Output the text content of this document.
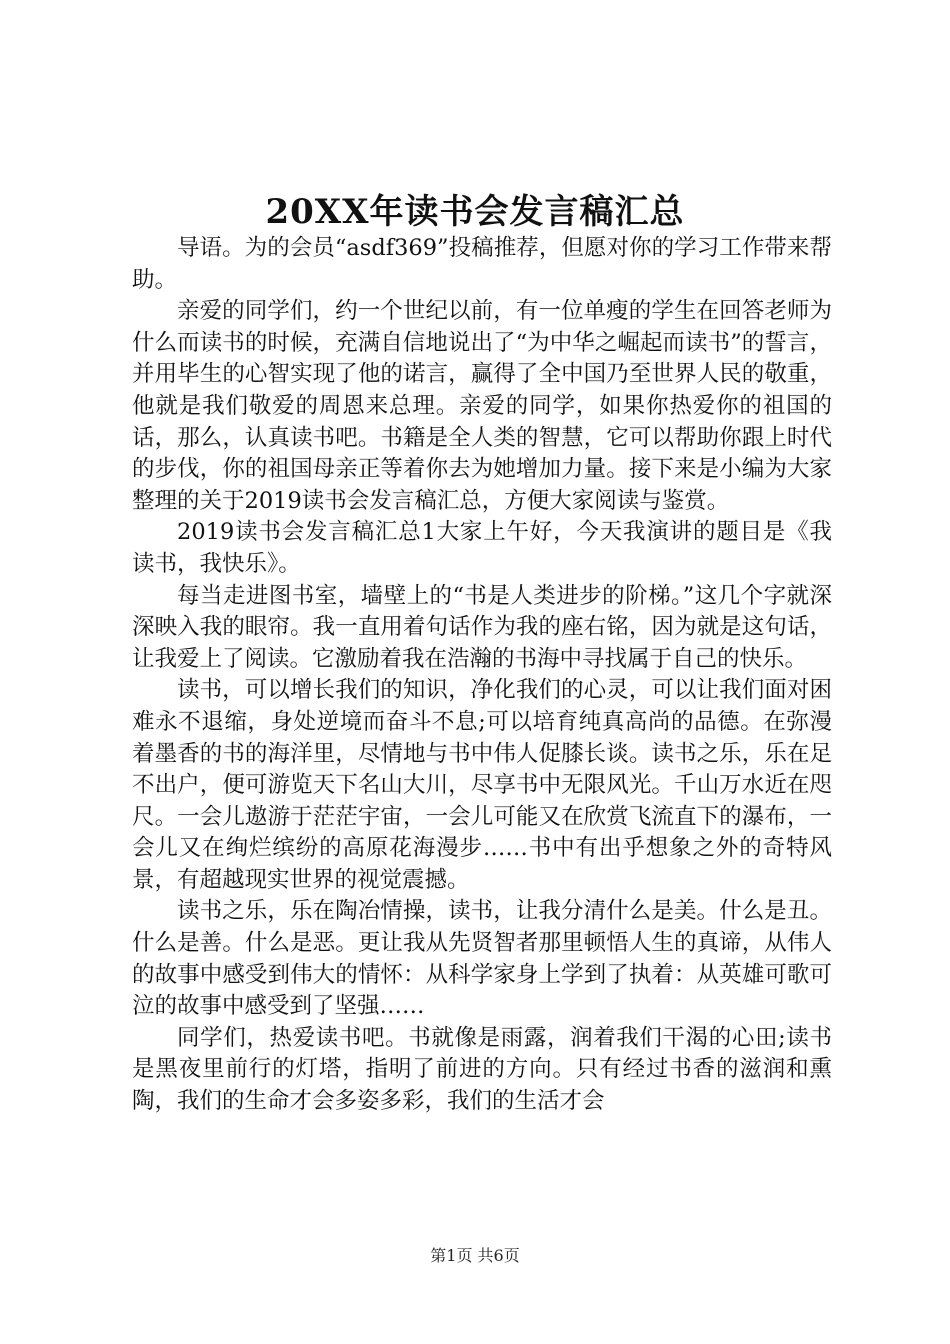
20XX年读书会发言稿汇总

导语。为的会员“asdf369”投稿推荐，但愿对你的学习工作带来帮助。

亲爱的同学们，约一个世纪以前，有一位单瘦的学生在回答老师为什么而读书的时候，充满自信地说出了“为中华之崛起而读书”的誓言，并用毕生的心智实现了他的诺言，赢得了全中国乃至世界人民的敬重，他就是我们敬爱的周恩来总理。亲爱的同学，如果你热爱你的祖国的话，那么，认真读书吧。书籍是全人类的智慧，它可以帮助你跟上时代的步伐，你的祖国母亲正等着你去为她增加力量。接下来是小编为大家整理的关于2019读书会发言稿汇总，方便大家阅读与鉴赏。

2019读书会发言稿汇总1大家上午好，今天我演讲的题目是《我读书，我快乐》。

每当走进图书室，墙壁上的“书是人类进步的阶梯。”这几个字就深深映入我的眼帘。我一直用着句话作为我的座右铭，因为就是这句话，让我爱上了阅读。它激励着我在浩瀚的书海中寻找属于自己的快乐。

读书，可以增长我们的知识，净化我们的心灵，可以让我们面对困难永不退缩，身处逆境而奋斗不息;可以培育纯真高尚的品德。在弥漫着墨香的书的海洋里，尽情地与书中伟人促膝长谈。读书之乐，乐在足不出户，便可游览天下名山大川，尽享书中无限风光。千山万水近在咫尺。一会儿遨游于茫茫宇宙，一会儿可能又在欣赏飞流直下的瀑布，一会儿又在绚烂缤纷的高原花海漫步……书中有出乎想象之外的奇特风景，有超越现实世界的视觉震撼。

读书之乐，乐在陶冶情操，读书，让我分清什么是美。什么是丑。什么是善。什么是恶。更让我从先贤智者那里顿悟人生的真谛，从伟人的故事中感受到伟大的情怀：从科学家身上学到了执着：从英雄可歌可泣的故事中感受到了坚强……

同学们，热爱读书吧。书就像是雨露，润着我们干渴的心田;读书是黑夜里前行的灯塔，指明了前进的方向。只有经过书香的滋润和熏陶，我们的生命才会多姿多彩，我们的生活才会

第1页 共6页
